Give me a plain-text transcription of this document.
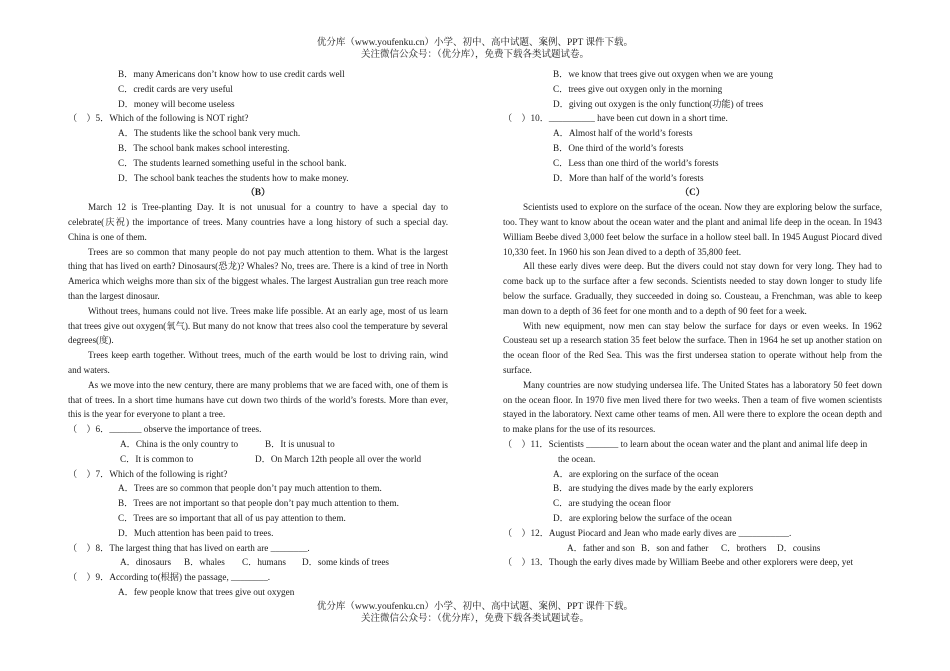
优分库（www.youfenku.cn）小学、初中、高中试题、案例、PPT 课件下载。
关注微信公众号：（优分库），免费下载各类试题试卷。
B．many Americans don’t know how to use credit cards well
C．credit cards are very useful
D．money will become useless
（　）5．Which of the following is NOT right?
A．The students like the school bank very much.
B．The school bank makes school interesting.
C．The students learned something useful in the school bank.
D．The school bank teaches the students how to make money.
（B）

March 12 is Tree-planting Day. It is not unusual for a country to have a special day to celebrate(庆祝) the importance of trees. Many countries have a long history of such a special day. China is one of them.

Trees are so common that many people do not pay much attention to them. What is the largest thing that has lived on earth? Dinosaurs(恐龙)? Whales? No, trees are. There is a kind of tree in North America which weighs more than six of the biggest whales. The largest Australian gun tree reach more than the largest dinosaur.

Without trees, humans could not live. Trees make life possible. At an early age, most of us learn that trees give out oxygen(氧气). But many do not know that trees also cool the temperature by several degrees(度).

Trees keep earth together. Without trees, much of the earth would be lost to driving rain, wind and waters.

As we move into the new century, there are many problems that we are faced with, one of them is that of trees. In a short time humans have cut down two thirds of the world’s forests. More than ever, this is the year for everyone to plant a tree.

（　）6．_______ observe the importance of trees.
A．China is the only country to	B．It is unusual to
C．It is common to	D．On March 12th people all over the world
（　）7．Which of the following is right?
A．Trees are so common that people don’t pay much attention to them.
B．Trees are not important so that people don’t pay much attention to them.
C．Trees are so important that all of us pay attention to them.
D．Much attention has been paid to trees.
（　）8．The largest thing that has lived on earth are ________.
A．dinosaurs	B．whales	C．humans	D．some kinds of trees
（　）9．According to(根据) the passage, ________.
A．few people know that trees give out oxygen
B．we know that trees give out oxygen when we are young
C．trees give out oxygen only in the morning
D．giving out oxygen is the only function(功能) of trees
（　）10．__________ have been cut down in a short time.
A．Almost half of the world’s forests
B．One third of the world’s forests
C．Less than one third of the world’s forests
D．More than half of the world’s forests
（C）

Scientists used to explore on the surface of the ocean. Now they are exploring below the surface, too. They want to know about the ocean water and the plant and animal life deep in the ocean. In 1943 William Beebe dived 3,000 feet below the surface in a hollow steel ball. In 1945 August Piocard dived 10,330 feet. In 1960 his son Jean dived to a depth of 35,800 feet.

All these early dives were deep. But the divers could not stay down for very long. They had to come back up to the surface after a few seconds. Scientists needed to stay down longer to study life below the surface. Gradually, they succeeded in doing so. Cousteau, a Frenchman, was able to keep man down to a depth of 36 feet for one month and to a depth of 90 feet for a week.

With new equipment, now men can stay below the surface for days or even weeks. In 1962 Cousteau set up a research station 35 feet below the surface. Then in 1964 he set up another station on the ocean floor of the Red Sea. This was the first undersea station to operate without help from the surface.

Many countries are now studying undersea life. The United States has a laboratory 50 feet down on the ocean floor. In 1970 five men lived there for two weeks. Then a team of five women scientists stayed in the laboratory. Next came other teams of men. All were there to explore the ocean depth and to make plans for the use of its resources.

（　）11．Scientists _______ to learn about the ocean water and the plant and animal life deep in
the ocean.
A．are exploring on the surface of the ocean
B．are studying the dives made by the early explorers
C．are studying the ocean floor
D．are exploring below the surface of the ocean
（　）12．August Piocard and Jean who made early dives are ___________.
A．father and son B．son and father	C．brothers	D．cousins
（　）13．Though the early dives made by William Beebe and other explorers were deep, yet
优分库（www.youfenku.cn）小学、初中、高中试题、案例、PPT 课件下载。
关注微信公众号：（优分库），免费下载各类试题试卷。
